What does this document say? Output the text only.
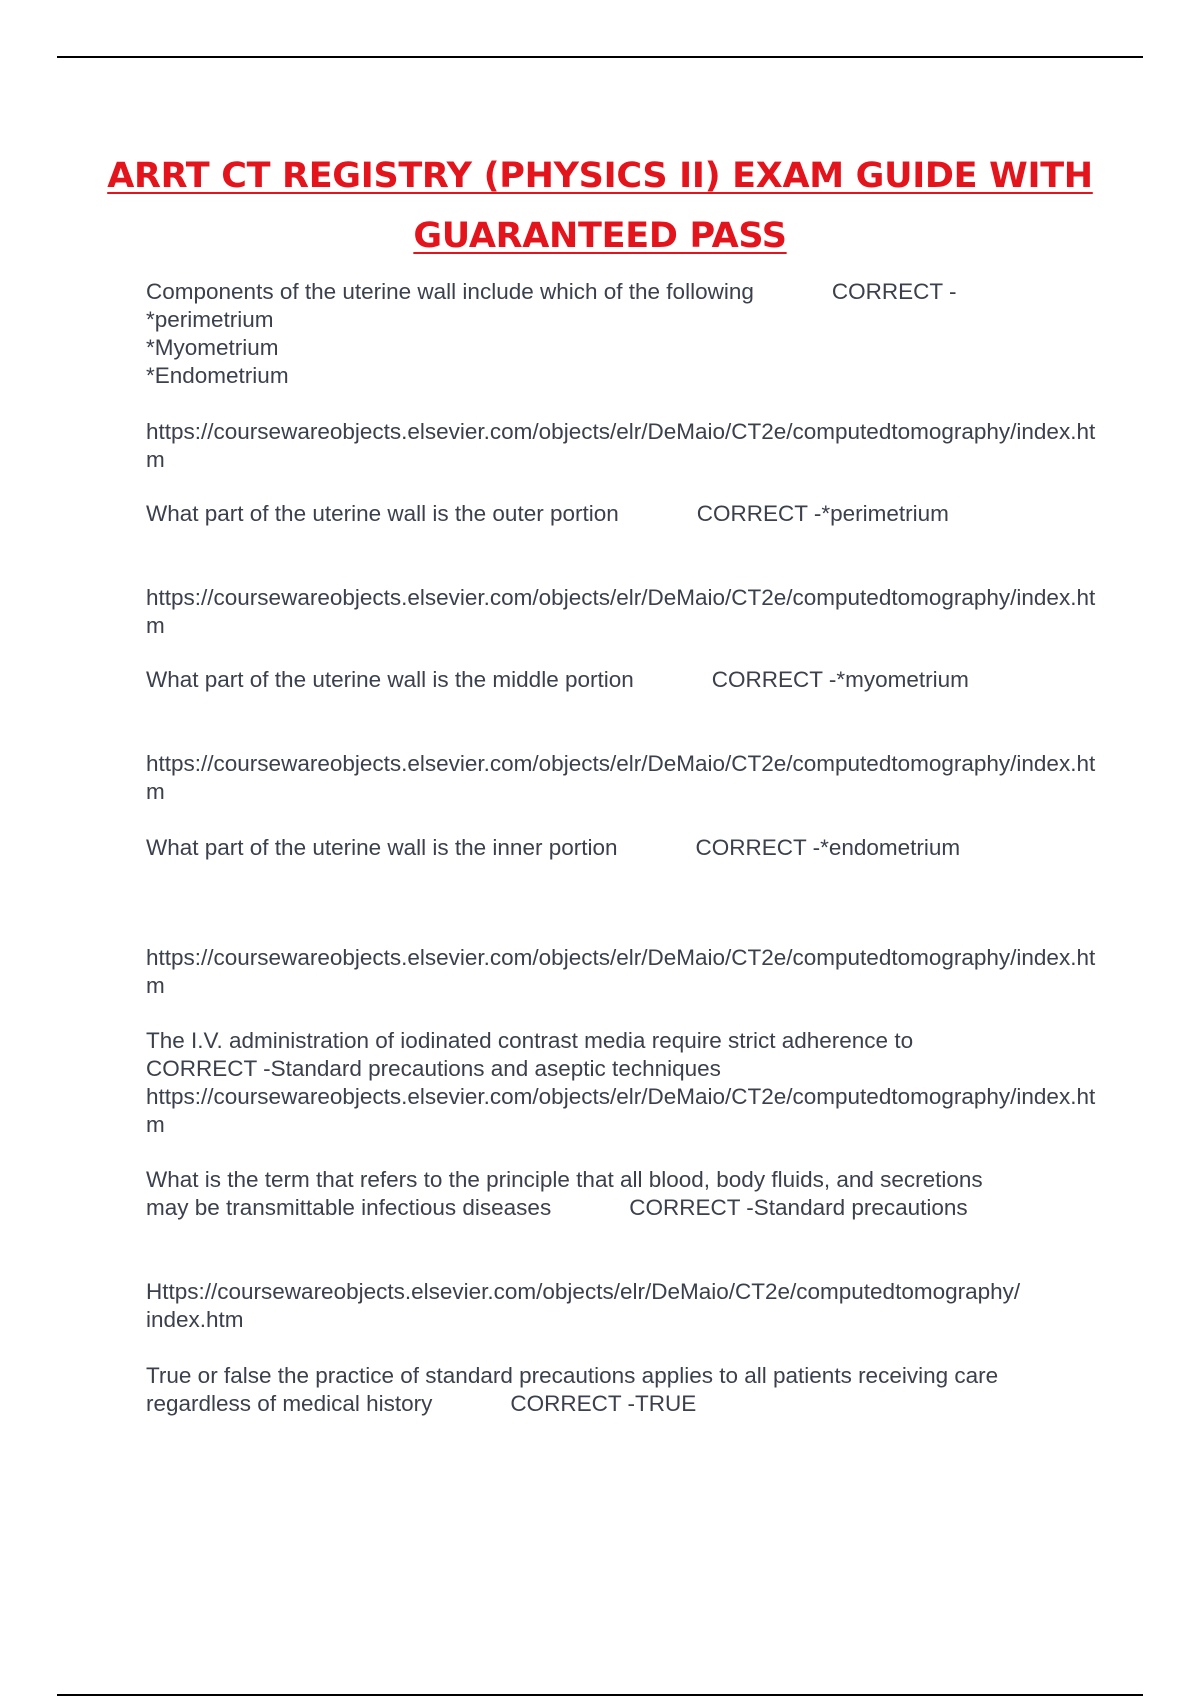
ARRT CT REGISTRY (PHYSICS II) EXAM GUIDE WITH
GUARANTEED PASS

Components of the uterine wall include which of the following	CORRECT -

*perimetrium

*Myometrium

*Endometrium

https://coursewareobjects.elsevier.com/objects/elr/DeMaio/CT2e/computedtomography/index.htm

What part of the uterine wall is the outer portion	CORRECT -*perimetrium

https://coursewareobjects.elsevier.com/objects/elr/DeMaio/CT2e/computedtomography/index.htm

What part of the uterine wall is the middle portion	CORRECT -*myometrium

https://coursewareobjects.elsevier.com/objects/elr/DeMaio/CT2e/computedtomography/index.htm

What part of the uterine wall is the inner portion	CORRECT -*endometrium

https://coursewareobjects.elsevier.com/objects/elr/DeMaio/CT2e/computedtomography/index.htm

The I.V. administration of iodinated contrast media require strict adherence to

CORRECT -Standard precautions and aseptic techniques

https://coursewareobjects.elsevier.com/objects/elr/DeMaio/CT2e/computedtomography/index.htm

What is the term that refers to the principle that all blood, body fluids, and secretions

may be transmittable infectious diseases	CORRECT -Standard precautions

Https://coursewareobjects.elsevier.com/objects/elr/DeMaio/CT2e/computedtomography/

index.htm

True or false the practice of standard precautions applies to all patients receiving care

regardless of medical history	CORRECT -TRUE
